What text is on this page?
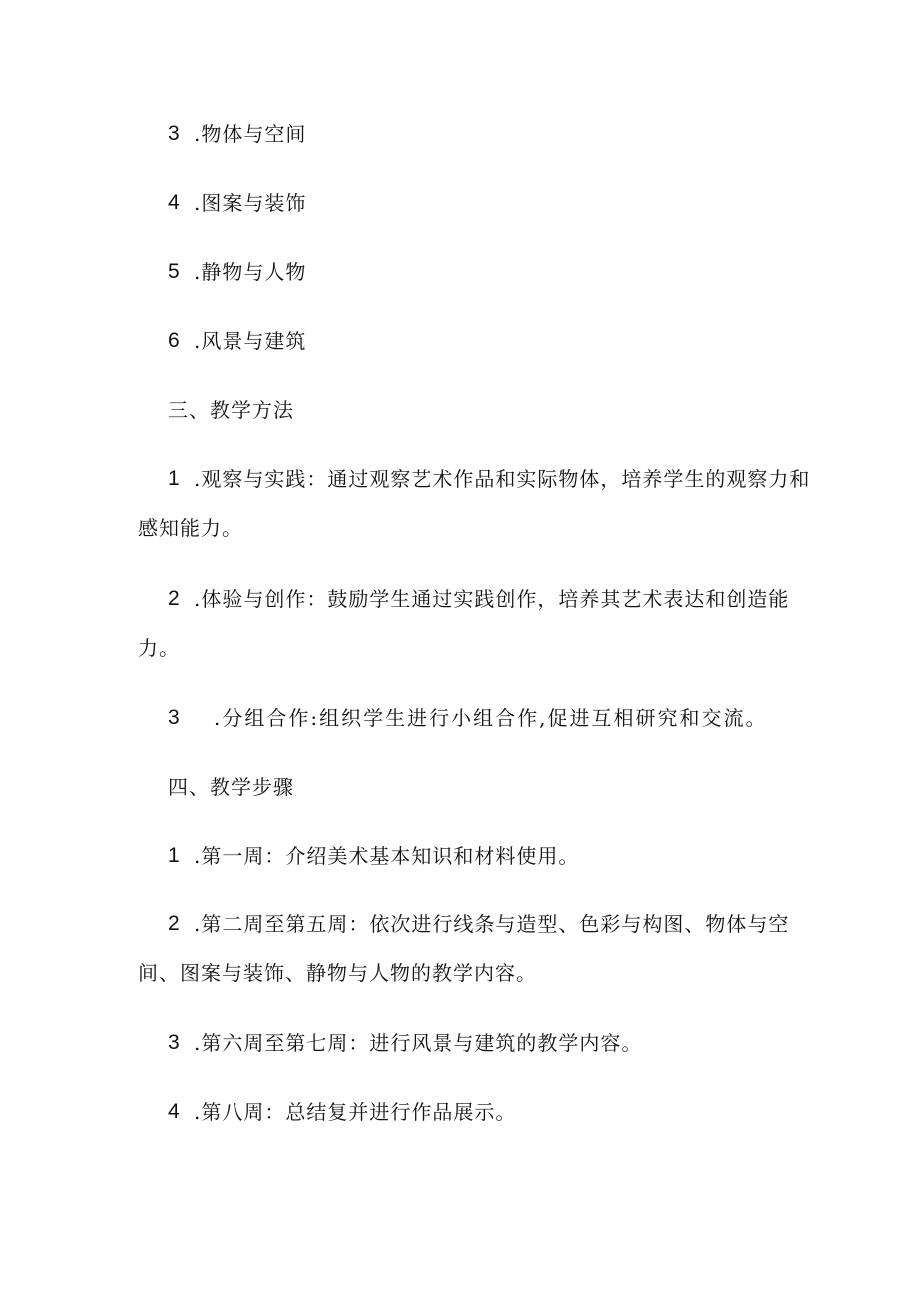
3 .物体与空间
4 .图案与装饰
5 .静物与人物
6 .风景与建筑
三、教学方法
1 .观察与实践：通过观察艺术作品和实际物体，培养学生的观察力和
感知能力。
2 .体验与创作：鼓励学生通过实践创作，培养其艺术表达和创造能
力。
3 .分组合作:组织学生进行小组合作,促进互相研究和交流。
四、教学步骤
1 .第一周：介绍美术基本知识和材料使用。
2 .第二周至第五周：依次进行线条与造型、色彩与构图、物体与空
间、图案与装饰、静物与人物的教学内容。
3 .第六周至第七周：进行风景与建筑的教学内容。
4 .第八周：总结复并进行作品展示。
